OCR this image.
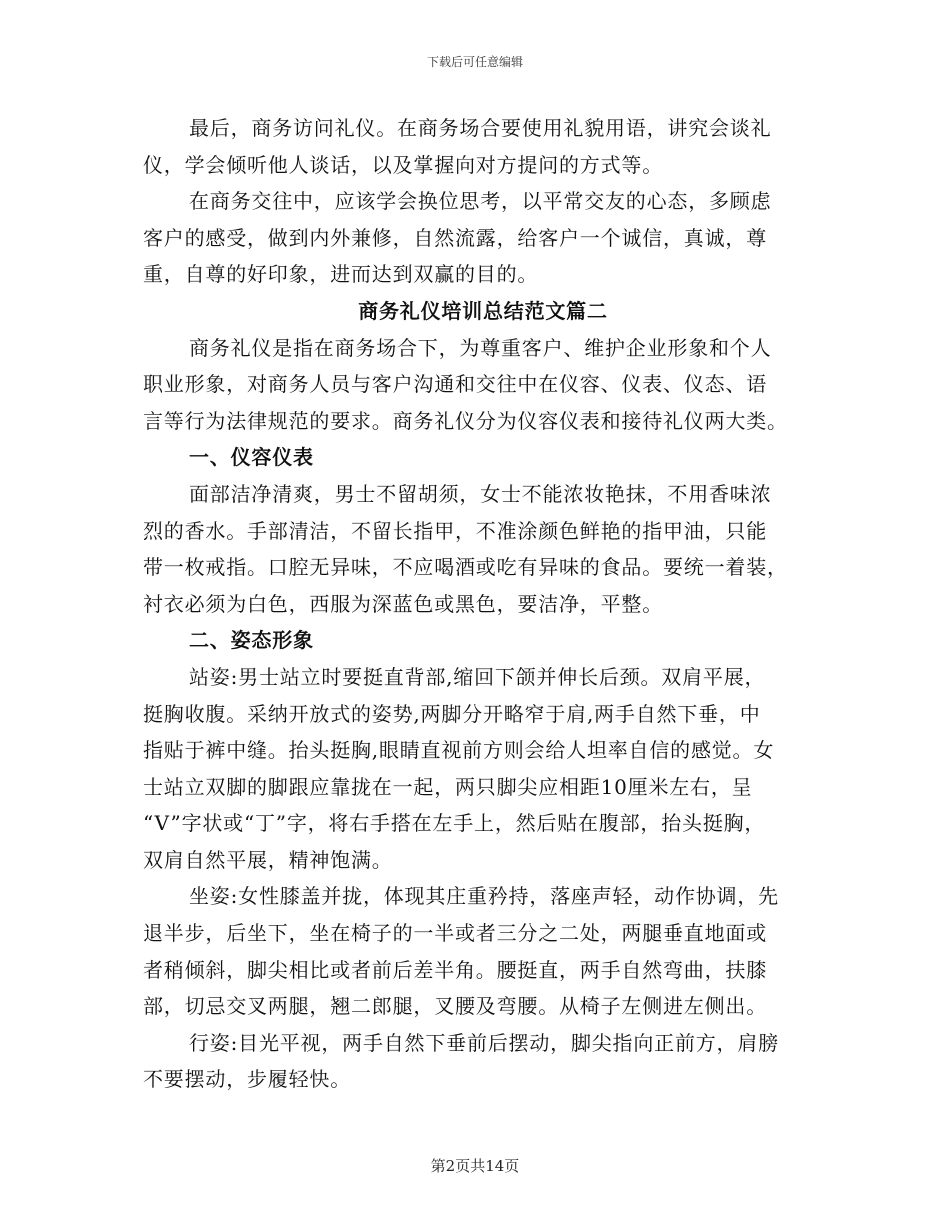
下载后可任意编辑
最后，商务访问礼仪。在商务场合要使用礼貌用语，讲究会谈礼
仪，学会倾听他人谈话，以及掌握向对方提问的方式等。
在商务交往中，应该学会换位思考，以平常交友的心态，多顾虑
客户的感受，做到内外兼修，自然流露，给客户一个诚信，真诚，尊
重，自尊的好印象，进而达到双赢的目的。
商务礼仪培训总结范文篇二
商务礼仪是指在商务场合下，为尊重客户、维护企业形象和个人
职业形象，对商务人员与客户沟通和交往中在仪容、仪表、仪态、语
言等行为法律规范的要求。商务礼仪分为仪容仪表和接待礼仪两大类。
一、仪容仪表
面部洁净清爽，男士不留胡须，女士不能浓妆艳抹，不用香味浓
烈的香水。手部清洁，不留长指甲，不准涂颜色鲜艳的指甲油，只能
带一枚戒指。口腔无异味，不应喝酒或吃有异味的食品。要统一着装，
衬衣必须为白色，西服为深蓝色或黑色，要洁净，平整。
二、姿态形象
站姿:男士站立时要挺直背部,缩回下颌并伸长后颈。双肩平展，
挺胸收腹。采纳开放式的姿势,两脚分开略窄于肩,两手自然下垂，中
指贴于裤中缝。抬头挺胸,眼睛直视前方则会给人坦率自信的感觉。女
士站立双脚的脚跟应靠拢在一起，两只脚尖应相距10厘米左右，呈
“V”字状或“丁”字，将右手搭在左手上，然后贴在腹部，抬头挺胸，
双肩自然平展，精神饱满。
坐姿:女性膝盖并拢，体现其庄重矜持，落座声轻，动作协调，先
退半步，后坐下，坐在椅子的一半或者三分之二处，两腿垂直地面或
者稍倾斜，脚尖相比或者前后差半角。腰挺直，两手自然弯曲，扶膝
部，切忌交叉两腿，翘二郎腿，叉腰及弯腰。从椅子左侧进左侧出。
行姿:目光平视，两手自然下垂前后摆动，脚尖指向正前方，肩膀
不要摆动，步履轻快。
第2页共14页
